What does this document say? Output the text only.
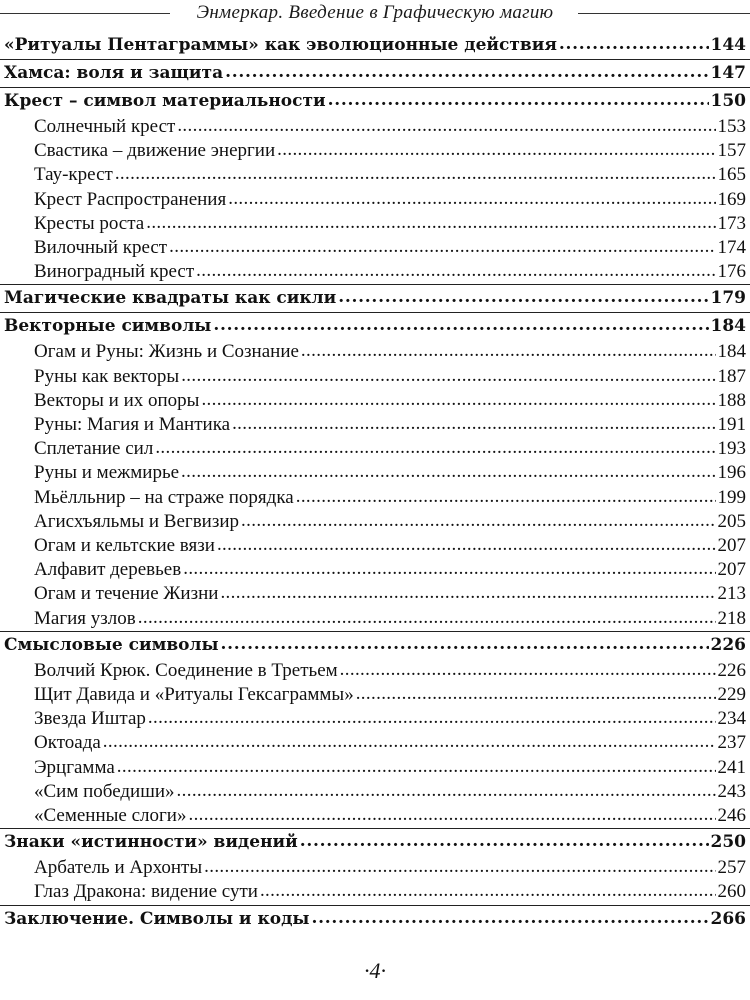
Энмеркар. Введение в Графическую магию
«Ритуалы Пентаграммы» как эволюционные действия . . .	144
Хамса: воля и защита . . .	147
Крест – символ материальности . . .	150
Солнечный крест . . .	153
Свастика – движение энергии . . .	157
Тау-крест . . .	165
Крест Распространения . . .	169
Кресты роста . . .	173
Вилочный крест . . .	174
Виноградный крест . . .	176
Магические квадраты как сикли . . .	179
Векторные символы . . .	184
Огам и Руны: Жизнь и Сознание . . .	184
Руны как векторы . . .	187
Векторы и их опоры . . .	188
Руны: Магия и Мантика . . .	191
Сплетание сил . . .	193
Руны и межмирье . . .	196
Мьёлльнир – на страже порядка . . .	199
Агисхъяльмы и Вегвизир . . .	205
Огам и кельтские вязи . . .	207
Алфавит деревьев . . .	207
Огам и течение Жизни . . .	213
Магия узлов . . .	218
Смысловые символы . . .	226
Волчий Крюк. Соединение в Третьем . . .	226
Щит Давида и «Ритуалы Гексаграммы» . . .	229
Звезда Иштар . . .	234
Октоада . . .	237
Эрцгамма . . .	241
«Сим победиши» . . .	243
«Семенные слоги» . . .	246
Знаки «истинности» видений . . .	250
Арбатель и Архонты . . .	257
Глаз Дракона: видение сути . . .	260
Заключение. Символы и коды . . .	266
·4·
